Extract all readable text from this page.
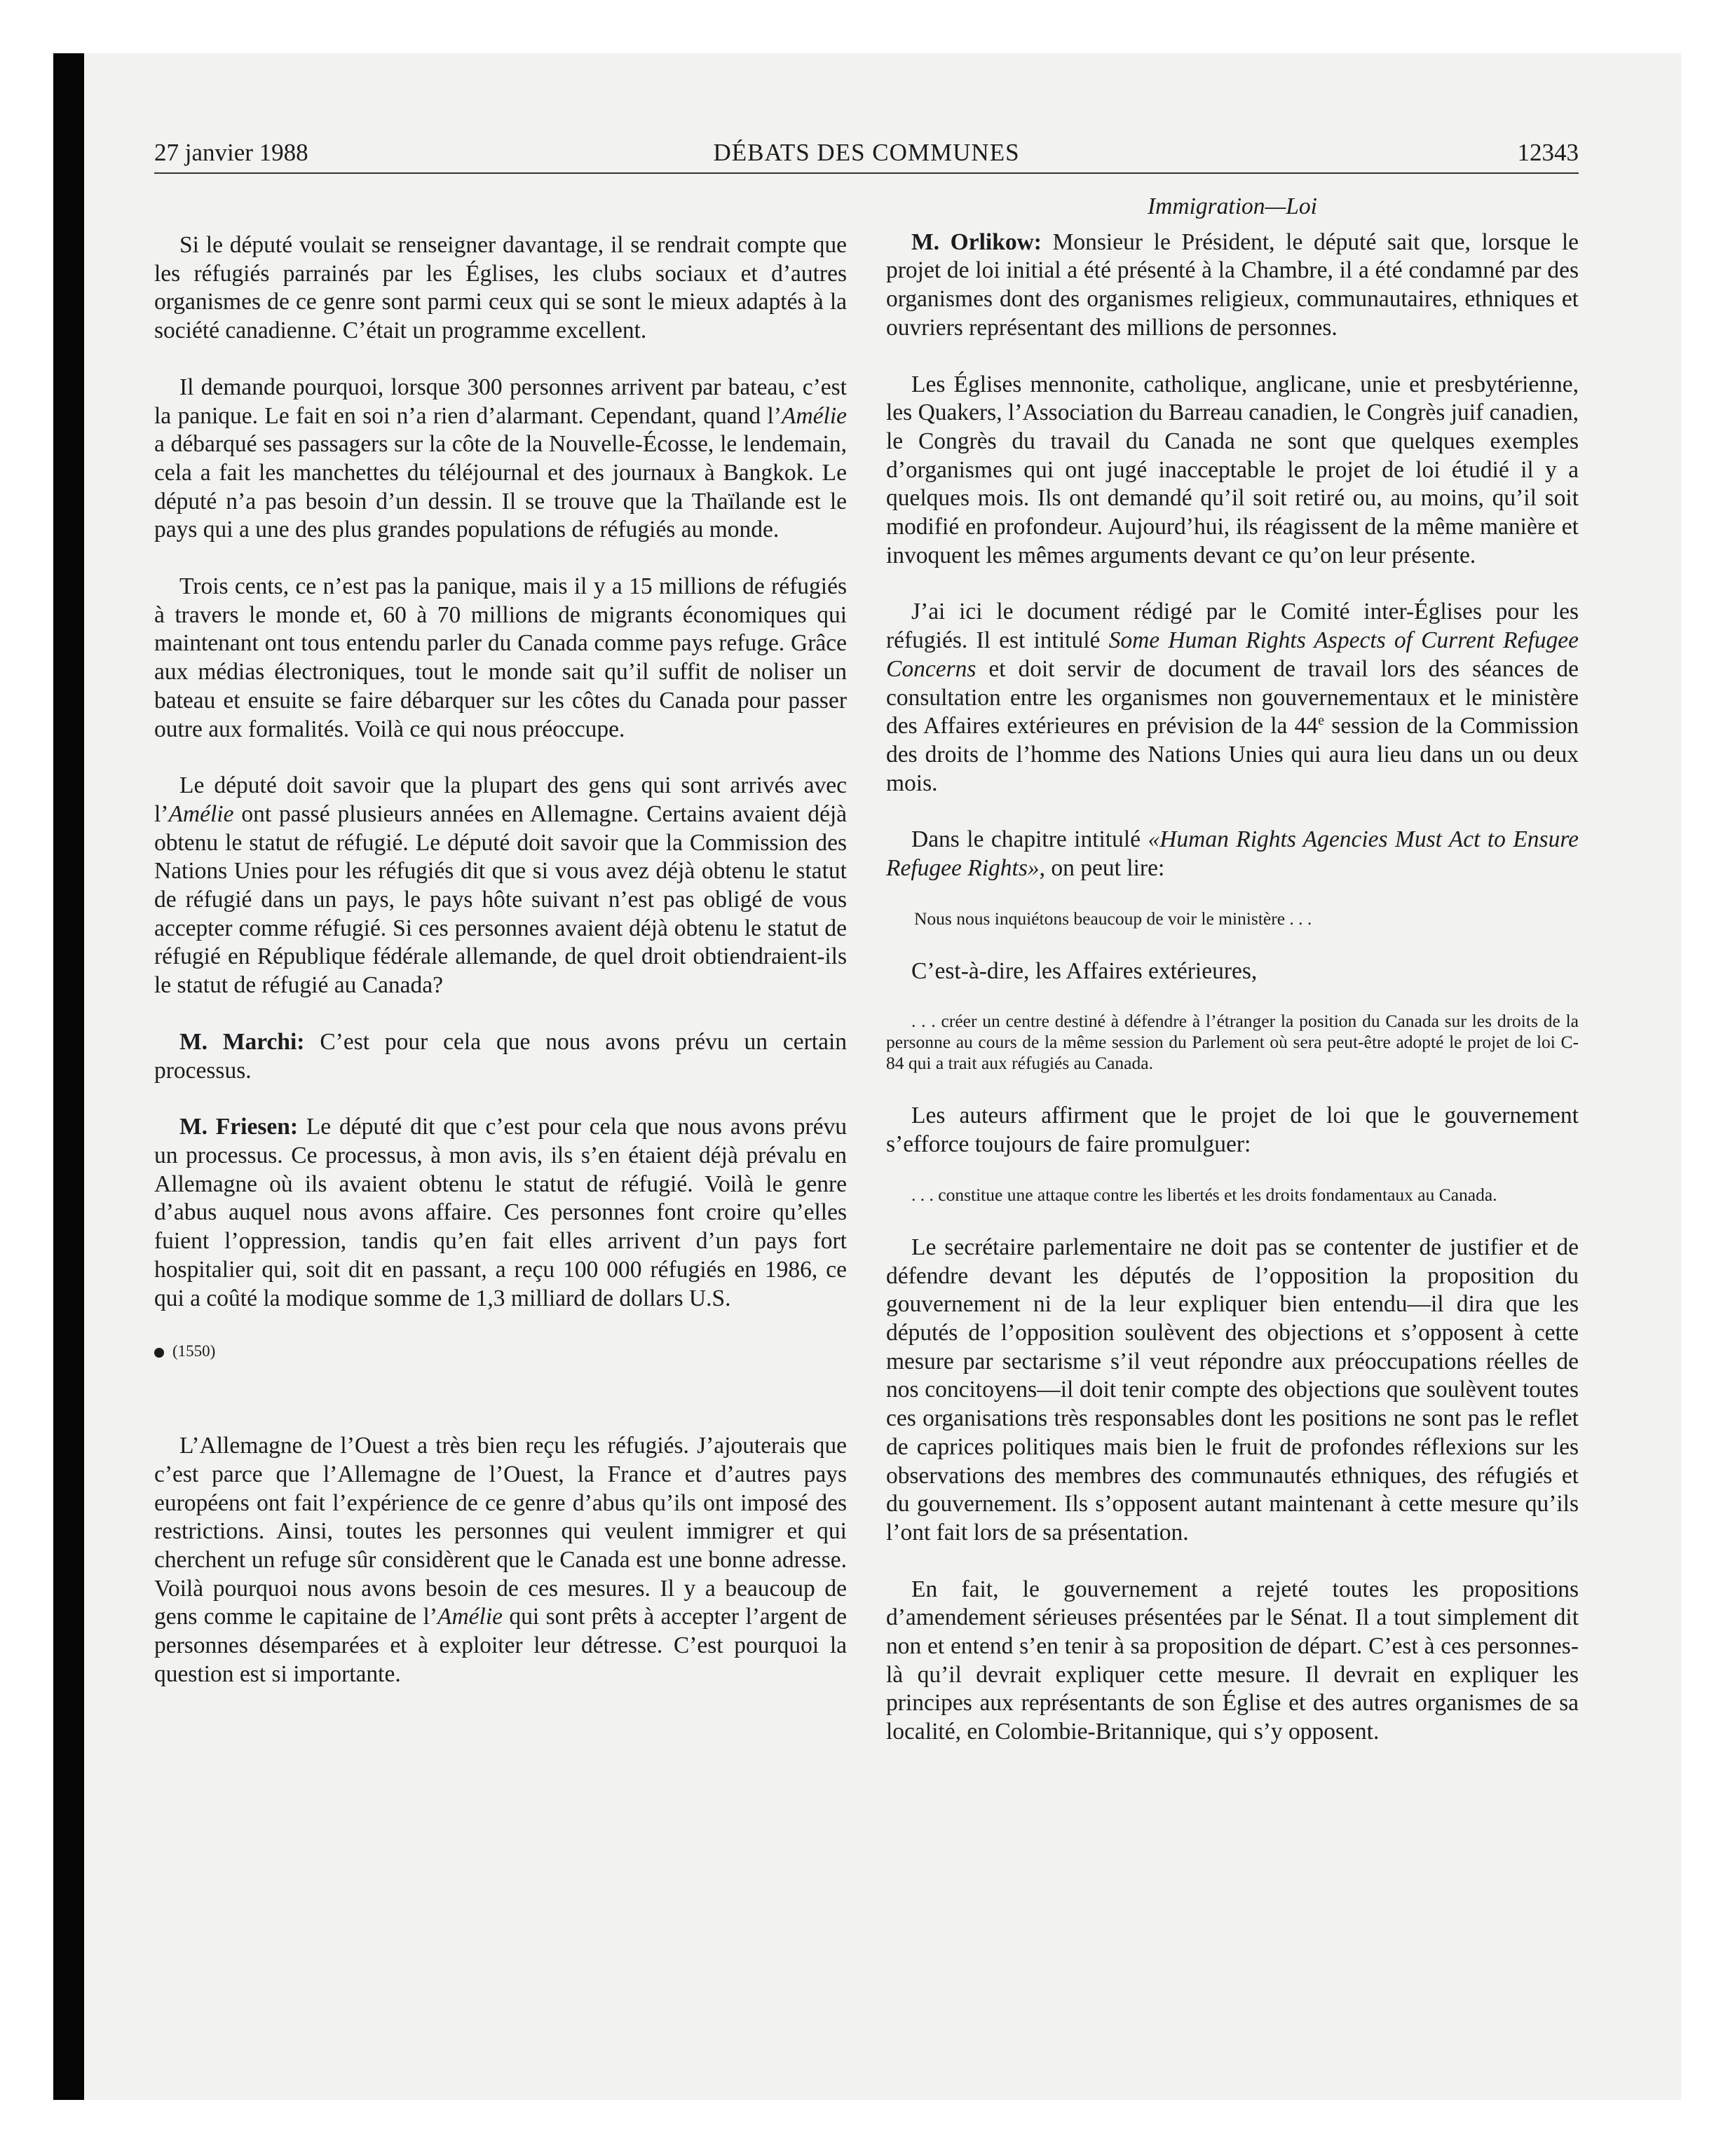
27 janvier 1988	DÉBATS DES COMMUNES	12343

Si le député voulait se renseigner davantage, il se rendrait compte que les réfugiés parrainés par les Églises, les clubs sociaux et d’autres organismes de ce genre sont parmi ceux qui se sont le mieux adaptés à la société canadienne. C’était un programme excellent.

Il demande pourquoi, lorsque 300 personnes arrivent par bateau, c’est la panique. Le fait en soi n’a rien d’alarmant. Cependant, quand l’Amélie a débarqué ses passagers sur la côte de la Nouvelle-Écosse, le lendemain, cela a fait les manchettes du téléjournal et des journaux à Bangkok. Le député n’a pas besoin d’un dessin. Il se trouve que la Thaïlande est le pays qui a une des plus grandes populations de réfugiés au monde.

Trois cents, ce n’est pas la panique, mais il y a 15 millions de réfugiés à travers le monde et, 60 à 70 millions de migrants économiques qui maintenant ont tous entendu parler du Canada comme pays refuge. Grâce aux médias électroniques, tout le monde sait qu’il suffit de noliser un bateau et ensuite se faire débarquer sur les côtes du Canada pour passer outre aux formalités. Voilà ce qui nous préoccupe.

Le député doit savoir que la plupart des gens qui sont arrivés avec l’Amélie ont passé plusieurs années en Allemagne. Certains avaient déjà obtenu le statut de réfugié. Le député doit savoir que la Commission des Nations Unies pour les réfugiés dit que si vous avez déjà obtenu le statut de réfugié dans un pays, le pays hôte suivant n’est pas obligé de vous accepter comme réfugié. Si ces personnes avaient déjà obtenu le statut de réfugié en République fédérale allemande, de quel droit obtiendraient-ils le statut de réfugié au Canada?

M. Marchi: C’est pour cela que nous avons prévu un certain processus.

M. Friesen: Le député dit que c’est pour cela que nous avons prévu un processus. Ce processus, à mon avis, ils s’en étaient déjà prévalu en Allemagne où ils avaient obtenu le statut de réfugié. Voilà le genre d’abus auquel nous avons affaire. Ces personnes font croire qu’elles fuient l’oppression, tandis qu’en fait elles arrivent d’un pays fort hospitalier qui, soit dit en passant, a reçu 100 000 réfugiés en 1986, ce qui a coûté la modique somme de 1,3 milliard de dollars U.S.

(1550)

L’Allemagne de l’Ouest a très bien reçu les réfugiés. J’ajouterais que c’est parce que l’Allemagne de l’Ouest, la France et d’autres pays européens ont fait l’expérience de ce genre d’abus qu’ils ont imposé des restrictions. Ainsi, toutes les personnes qui veulent immigrer et qui cherchent un refuge sûr considèrent que le Canada est une bonne adresse. Voilà pourquoi nous avons besoin de ces mesures. Il y a beaucoup de gens comme le capitaine de l’Amélie qui sont prêts à accepter l’argent de personnes désemparées et à exploiter leur détresse. C’est pourquoi la question est si importante.

Immigration—Loi

M. Orlikow: Monsieur le Président, le député sait que, lorsque le projet de loi initial a été présenté à la Chambre, il a été condamné par des organismes dont des organismes religieux, communautaires, ethniques et ouvriers représentant des millions de personnes.

Les Églises mennonite, catholique, anglicane, unie et presbytérienne, les Quakers, l’Association du Barreau canadien, le Congrès juif canadien, le Congrès du travail du Canada ne sont que quelques exemples d’organismes qui ont jugé inacceptable le projet de loi étudié il y a quelques mois. Ils ont demandé qu’il soit retiré ou, au moins, qu’il soit modifié en profondeur. Aujourd’hui, ils réagissent de la même manière et invoquent les mêmes arguments devant ce qu’on leur présente.

J’ai ici le document rédigé par le Comité inter-Églises pour les réfugiés. Il est intitulé Some Human Rights Aspects of Current Refugee Concerns et doit servir de document de travail lors des séances de consultation entre les organismes non gouvernementaux et le ministère des Affaires extérieures en prévision de la 44e session de la Commission des droits de l’homme des Nations Unies qui aura lieu dans un ou deux mois.

Dans le chapitre intitulé «Human Rights Agencies Must Act to Ensure Refugee Rights», on peut lire:

Nous nous inquiétons beaucoup de voir le ministère . . .

C’est-à-dire, les Affaires extérieures,

. . . créer un centre destiné à défendre à l’étranger la position du Canada sur les droits de la personne au cours de la même session du Parlement où sera peut-être adopté le projet de loi C-84 qui a trait aux réfugiés au Canada.

Les auteurs affirment que le projet de loi que le gouvernement s’efforce toujours de faire promulguer:

. . . constitue une attaque contre les libertés et les droits fondamentaux au Canada.

Le secrétaire parlementaire ne doit pas se contenter de justifier et de défendre devant les députés de l’opposition la proposition du gouvernement ni de la leur expliquer bien entendu—il dira que les députés de l’opposition soulèvent des objections et s’opposent à cette mesure par sectarisme s’il veut répondre aux préoccupations réelles de nos concitoyens—il doit tenir compte des objections que soulèvent toutes ces organisations très responsables dont les positions ne sont pas le reflet de caprices politiques mais bien le fruit de profondes réflexions sur les observations des membres des communautés ethniques, des réfugiés et du gouvernement. Ils s’opposent autant maintenant à cette mesure qu’ils l’ont fait lors de sa présentation.

En fait, le gouvernement a rejeté toutes les propositions d’amendement sérieuses présentées par le Sénat. Il a tout simplement dit non et entend s’en tenir à sa proposition de départ. C’est à ces personnes-là qu’il devrait expliquer cette mesure. Il devrait en expliquer les principes aux représentants de son Église et des autres organismes de sa localité, en Colombie-Britannique, qui s’y opposent.
